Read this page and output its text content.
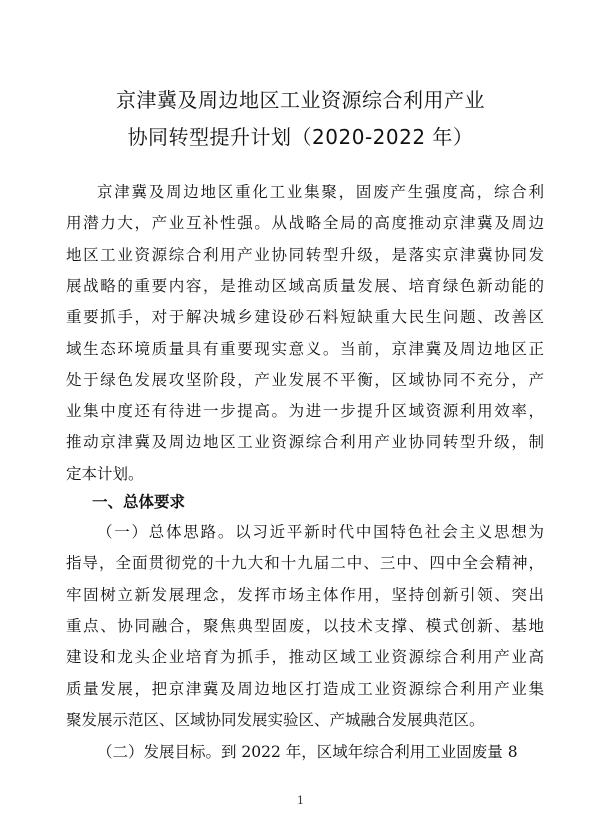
京津冀及周边地区工业资源综合利用产业
协同转型提升计划（2020-2022 年）
京津冀及周边地区重化工业集聚，固废产生强度高，综合利
用潜力大，产业互补性强。从战略全局的高度推动京津冀及周边
地区工业资源综合利用产业协同转型升级，是落实京津冀协同发
展战略的重要内容，是推动区域高质量发展、培育绿色新动能的
重要抓手，对于解决城乡建设砂石料短缺重大民生问题、改善区
域生态环境质量具有重要现实意义。当前，京津冀及周边地区正
处于绿色发展攻坚阶段，产业发展不平衡，区域协同不充分，产
业集中度还有待进一步提高。为进一步提升区域资源利用效率，
推动京津冀及周边地区工业资源综合利用产业协同转型升级，制
定本计划。
一、总体要求
（一）总体思路。以习近平新时代中国特色社会主义思想为
指导，全面贯彻党的十九大和十九届二中、三中、四中全会精神，
牢固树立新发展理念，发挥市场主体作用，坚持创新引领、突出
重点、协同融合，聚焦典型固废，以技术支撑、模式创新、基地
建设和龙头企业培育为抓手，推动区域工业资源综合利用产业高
质量发展，把京津冀及周边地区打造成工业资源综合利用产业集
聚发展示范区、区域协同发展实验区、产城融合发展典范区。
（二）发展目标。到 2022 年，区域年综合利用工业固废量 8
1
